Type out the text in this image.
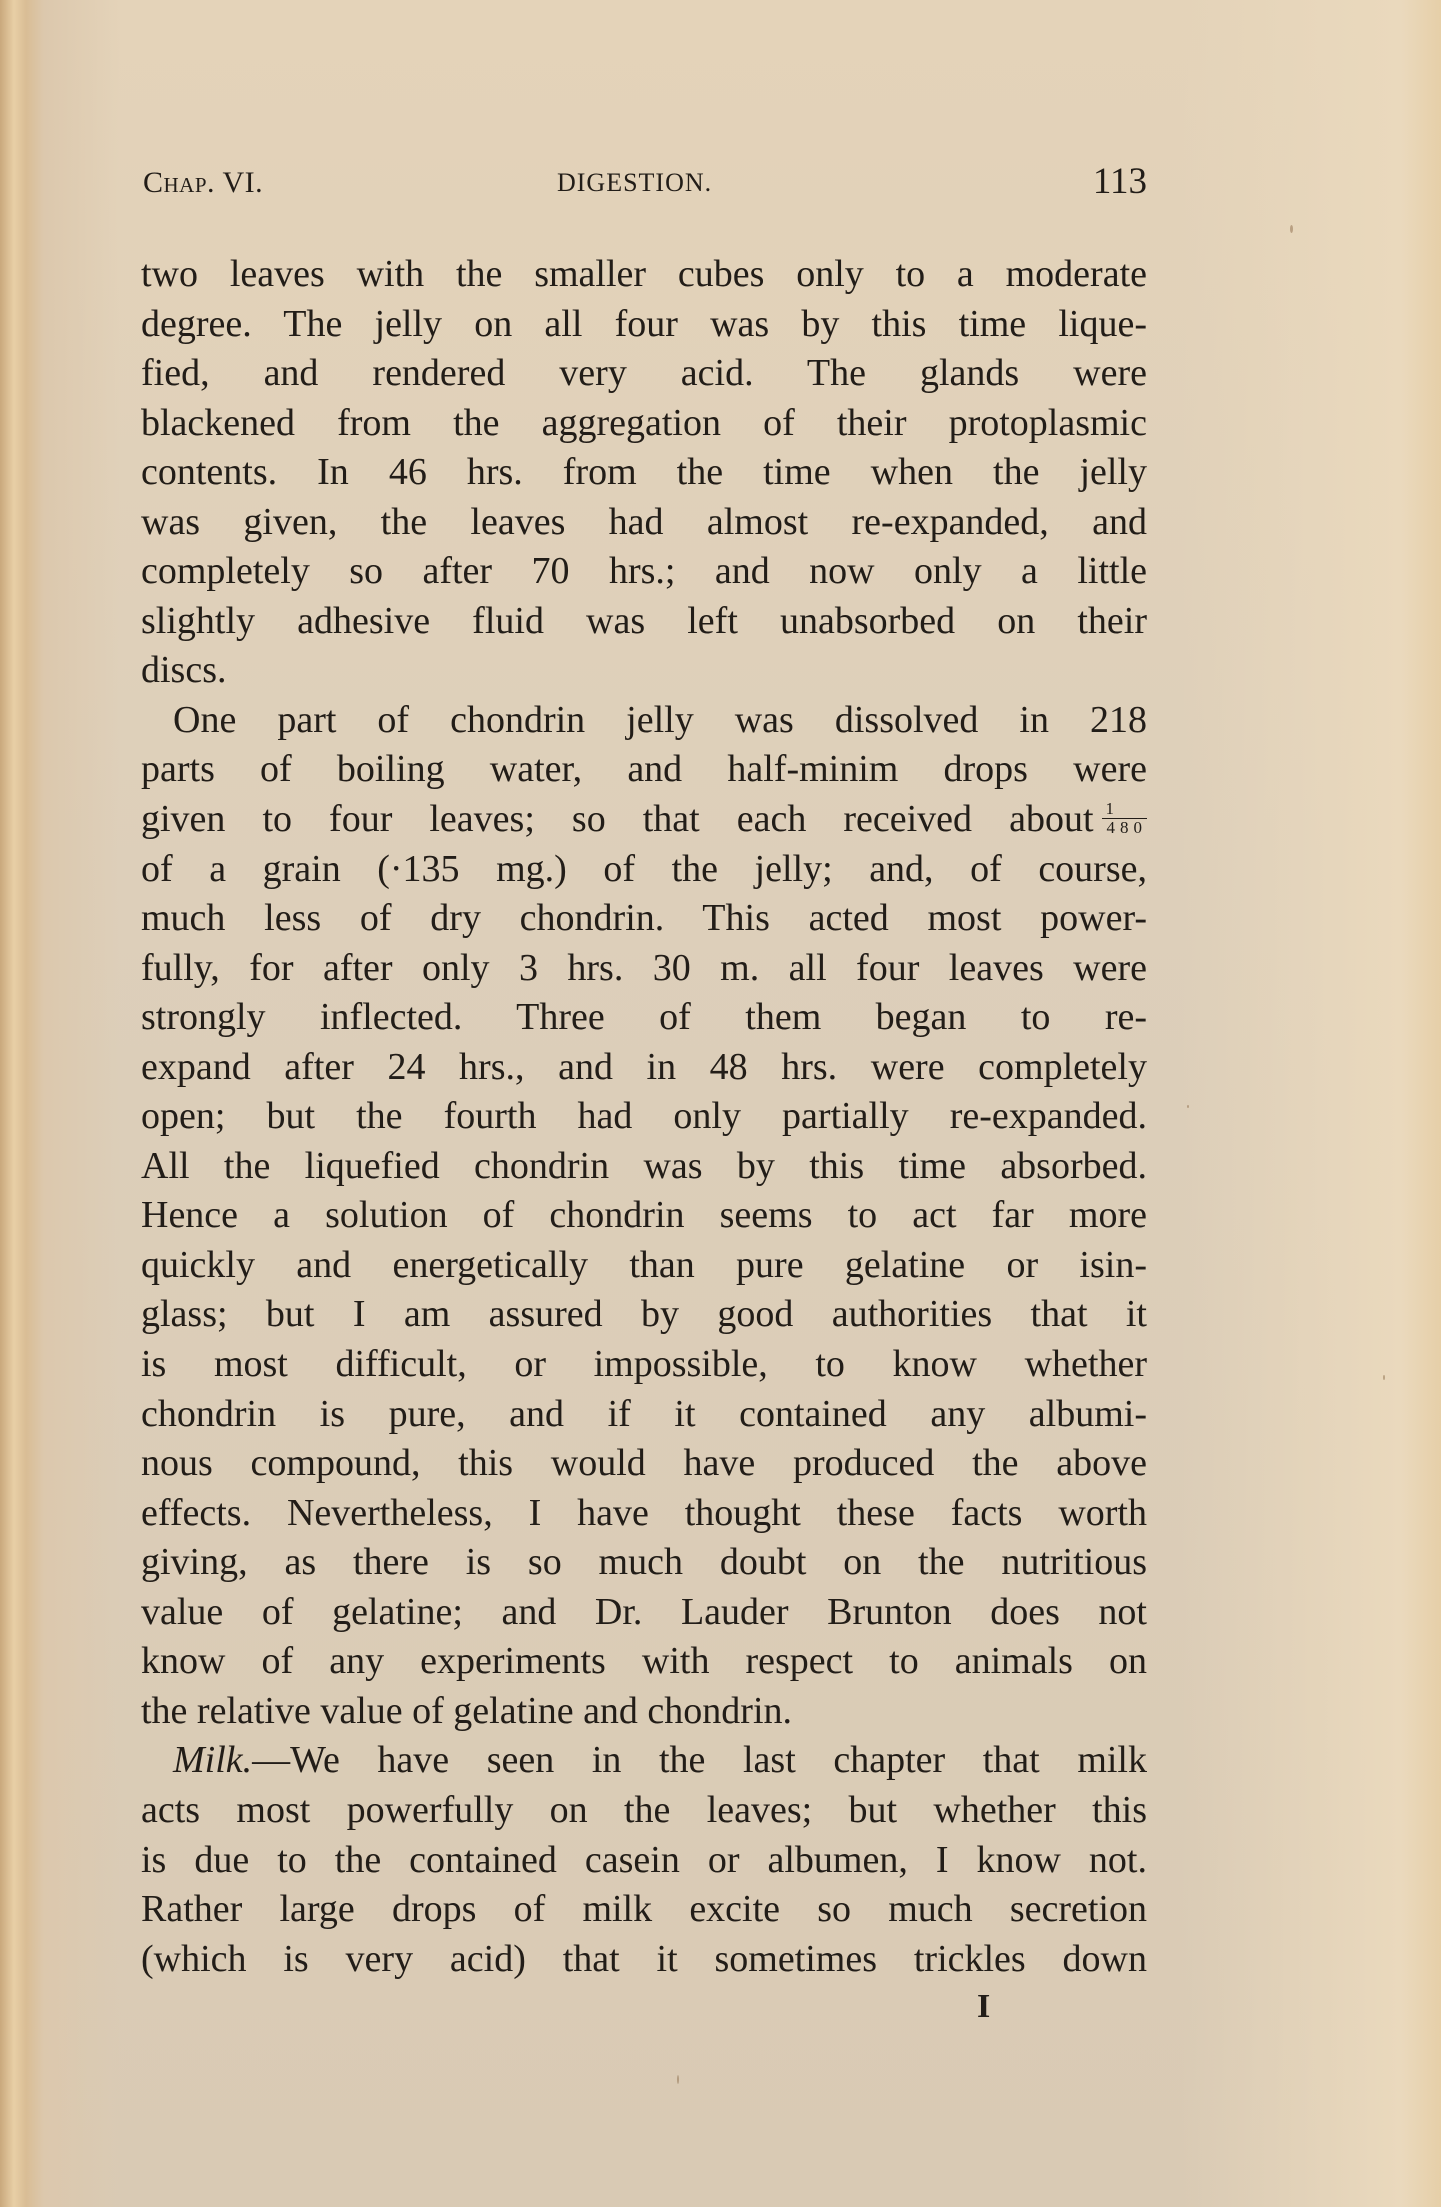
Chap. VI.	DIGESTION.	113
two leaves with the smaller cubes only to a moderate
degree. The jelly on all four was by this time lique-
fied, and rendered very acid. The glands were
blackened from the aggregation of their protoplasmic
contents. In 46 hrs. from the time when the jelly
was given, the leaves had almost re-expanded, and
completely so after 70 hrs.; and now only a little
slightly adhesive fluid was left unabsorbed on their
discs.
One part of chondrin jelly was dissolved in 218
parts of boiling water, and half-minim drops were
given to four leaves; so that each received about $\frac{1}{480}$
of a grain (·135 mg.) of the jelly; and, of course,
much less of dry chondrin. This acted most power-
fully, for after only 3 hrs. 30 m. all four leaves were
strongly inflected. Three of them began to re-
expand after 24 hrs., and in 48 hrs. were completely
open; but the fourth had only partially re-expanded.
All the liquefied chondrin was by this time absorbed.
Hence a solution of chondrin seems to act far more
quickly and energetically than pure gelatine or isin-
glass; but I am assured by good authorities that it
is most difficult, or impossible, to know whether
chondrin is pure, and if it contained any albumi-
nous compound, this would have produced the above
effects. Nevertheless, I have thought these facts worth
giving, as there is so much doubt on the nutritious
value of gelatine; and Dr. Lauder Brunton does not
know of any experiments with respect to animals on
the relative value of gelatine and chondrin.
Milk.—We have seen in the last chapter that milk
acts most powerfully on the leaves; but whether this
is due to the contained casein or albumen, I know not.
Rather large drops of milk excite so much secretion
(which is very acid) that it sometimes trickles down
I
